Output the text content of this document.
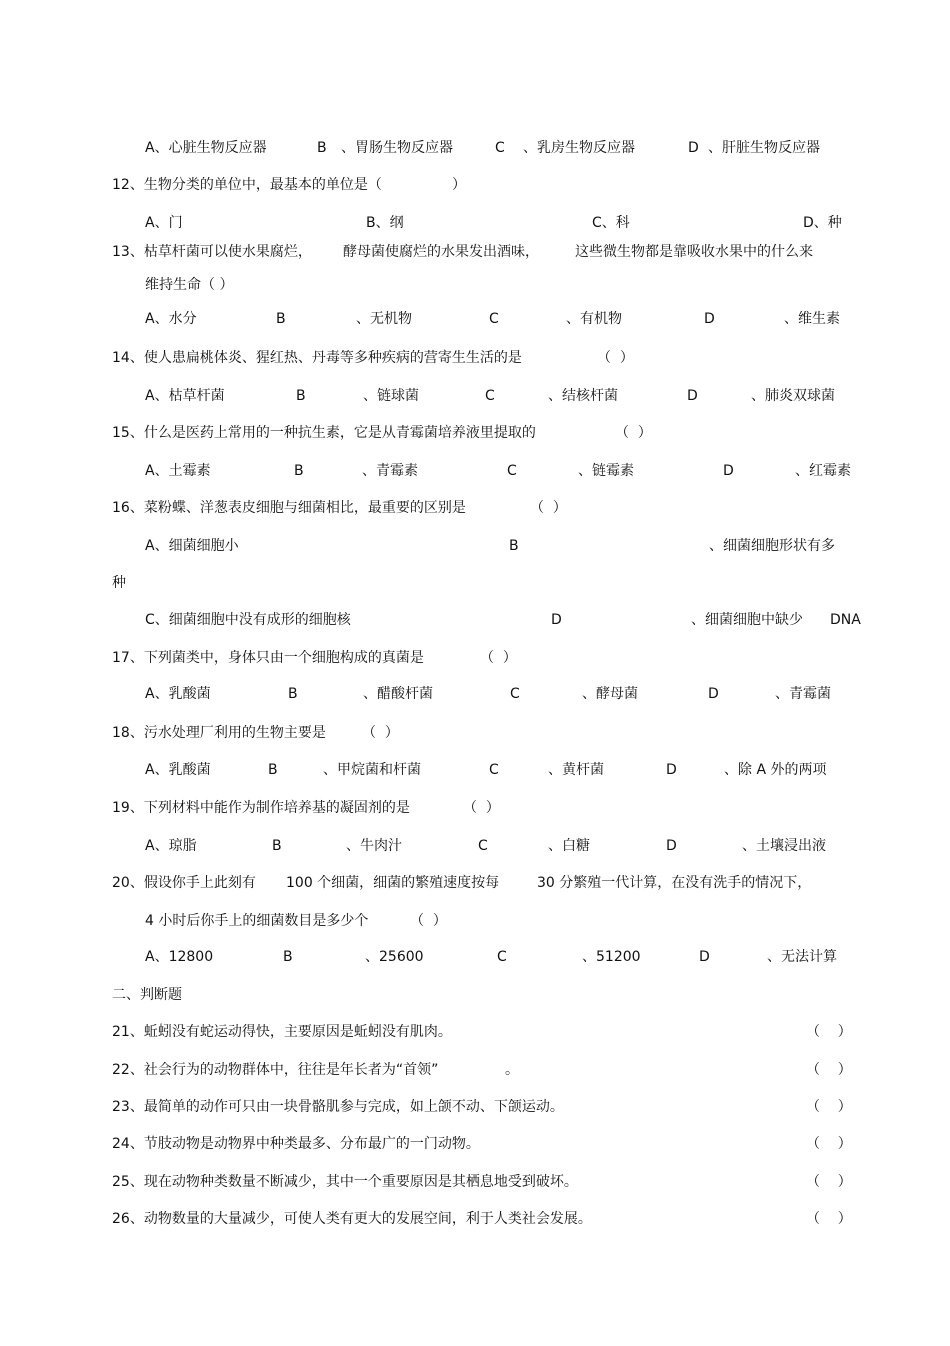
A、心脏生物反应器	B 、胃肠生物反应器	C 、乳房生物反应器	D 、肝脏生物反应器
12、生物分类的单位中，最基本的单位是（	）
A、门	B、纲	C、科	D、种
13、枯草杆菌可以使水果腐烂， 酵母菌使腐烂的水果发出酒味，	这些微生物都是靠吸收水果中的什么来
维持生命（ ）
A、水分	B	、无机物	C	、有机物	D	、维生素
14、使人患扁桃体炎、猩红热、丹毒等多种疾病的营寄生生活的是	（  ）
A、枯草杆菌	B	、链球菌	C	、结核杆菌	D	、肺炎双球菌
15、什么是医药上常用的一种抗生素，它是从青霉菌培养液里提取的	（  ）
A、土霉素	B	、青霉素	C	、链霉素	D	、红霉素
16、菜粉蝶、洋葱表皮细胞与细菌相比，最重要的区别是	（  ）
A、细菌细胞小	B	、细菌细胞形状有多
种
C、细菌细胞中没有成形的细胞核	D	、细菌细胞中缺少 DNA
17、下列菌类中，身体只由一个细胞构成的真菌是	（  ）
A、乳酸菌	B	、醋酸杆菌	C	、酵母菌	D	、青霉菌
18、污水处理厂利用的生物主要是	（  ）
A、乳酸菌	B	、甲烷菌和杆菌	C	、黄杆菌	D	、除 A 外的两项
19、下列材料中能作为制作培养基的凝固剂的是	（  ）
A、琼脂	B	、牛肉汁	C	、白糖	D	、土壤浸出液
20、假设你手上此刻有 100 个细菌，细菌的繁殖速度按每	30 分繁殖一代计算，在没有洗手的情况下，
4 小时后你手上的细菌数目是多少个	（  ）
A、12800	B	、25600	C	、51200	D	、无法计算
二、判断题
21、蚯蚓没有蛇运动得快，主要原因是蚯蚓没有肌肉。	（    ）
22、社会行为的动物群体中，往往是年长者为“首领”	。	（    ）
23、最简单的动作可只由一块骨骼肌参与完成，如上颌不动、下颌运动。	（    ）
24、节肢动物是动物界中种类最多、分布最广的一门动物。	（    ）
25、现在动物种类数量不断减少，其中一个重要原因是其栖息地受到破坏。	（    ）
26、动物数量的大量减少，可使人类有更大的发展空间，利于人类社会发展。	（    ）
